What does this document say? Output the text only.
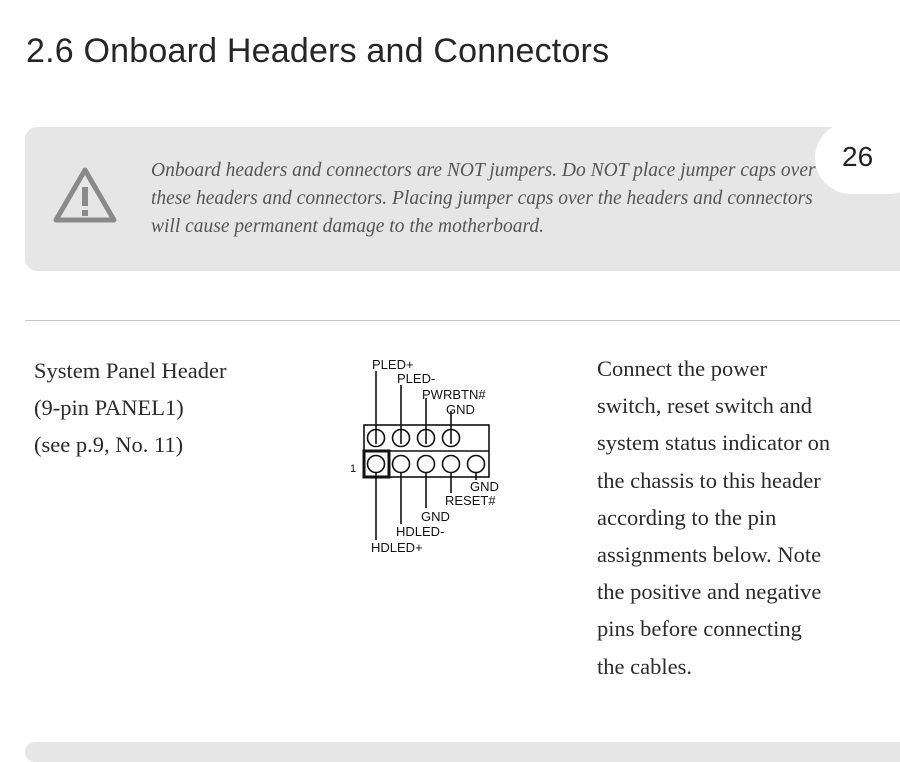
2.6 Onboard Headers and Connectors
Onboard headers and connectors are NOT jumpers. Do NOT place jumper caps over
these headers and connectors. Placing jumper caps over the headers and connectors
will cause permanent damage to the motherboard.
26
System Panel Header
(9-pin PANEL1)
(see p.9, No. 11)
PLED+
PLED-
PWRBTN#
GND
1
GND
RESET#
GND
HDLED-
HDLED+
Connect the power
switch, reset switch and
system status indicator on
the chassis to this header
according to the pin
assignments below. Note
the positive and negative
pins before connecting
the cables.
